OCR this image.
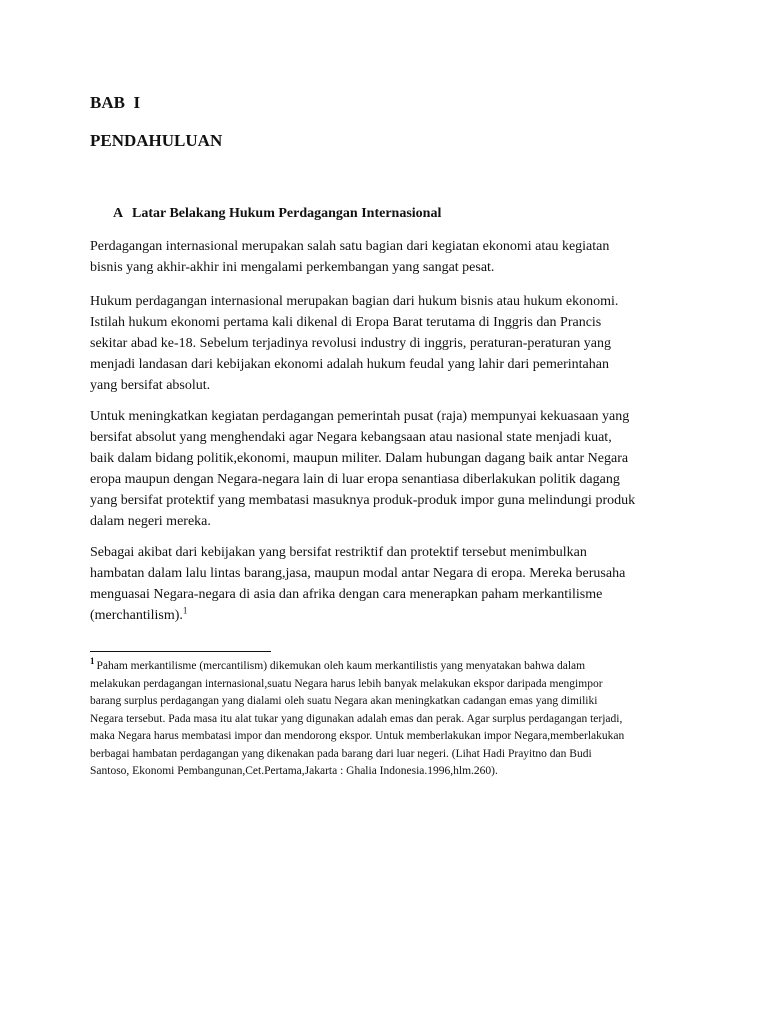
BAB  I
PENDAHULUAN
A Latar Belakang Hukum Perdagangan Internasional

Perdagangan internasional merupakan salah satu bagian dari kegiatan ekonomi atau kegiatan
bisnis yang akhir-akhir ini mengalami perkembangan yang sangat pesat.

Hukum perdagangan internasional merupakan bagian dari hukum bisnis atau hukum ekonomi.
Istilah hukum ekonomi pertama kali dikenal di Eropa Barat terutama di Inggris dan Prancis
sekitar abad ke-18. Sebelum terjadinya revolusi industry di inggris, peraturan-peraturan yang
menjadi landasan dari kebijakan ekonomi adalah hukum feudal yang lahir dari pemerintahan
yang bersifat absolut.

Untuk meningkatkan kegiatan perdagangan pemerintah pusat (raja) mempunyai kekuasaan yang
bersifat absolut yang menghendaki agar Negara kebangsaan atau nasional state menjadi kuat,
baik dalam bidang politik,ekonomi, maupun militer. Dalam hubungan dagang baik antar Negara
eropa maupun dengan Negara-negara lain di luar eropa senantiasa diberlakukan politik dagang
yang bersifat protektif yang membatasi masuknya produk-produk impor guna melindungi produk
dalam negeri mereka.

Sebagai akibat dari kebijakan yang bersifat restriktif dan protektif tersebut menimbulkan
hambatan dalam lalu lintas barang,jasa, maupun modal antar Negara di eropa. Mereka berusaha
menguasai Negara-negara di asia dan afrika dengan cara menerapkan paham merkantilisme
(merchantilism).$^1$

$^1$ Paham merkantilisme (mercantilism) dikemukan oleh kaum merkantilistis yang menyatakan bahwa dalam
melakukan perdagangan internasional,suatu Negara harus lebih banyak melakukan ekspor daripada mengimpor
barang surplus perdagangan yang dialami oleh suatu Negara akan meningkatkan cadangan emas yang dimiliki
Negara tersebut. Pada masa itu alat tukar yang digunakan adalah emas dan perak. Agar surplus perdagangan terjadi,
maka Negara harus membatasi impor dan mendorong ekspor. Untuk memberlakukan impor Negara,memberlakukan
berbagai hambatan perdagangan yang dikenakan pada barang dari luar negeri. (Lihat Hadi Prayitno dan Budi
Santoso, Ekonomi Pembangunan,Cet.Pertama,Jakarta : Ghalia Indonesia.1996,hlm.260).
